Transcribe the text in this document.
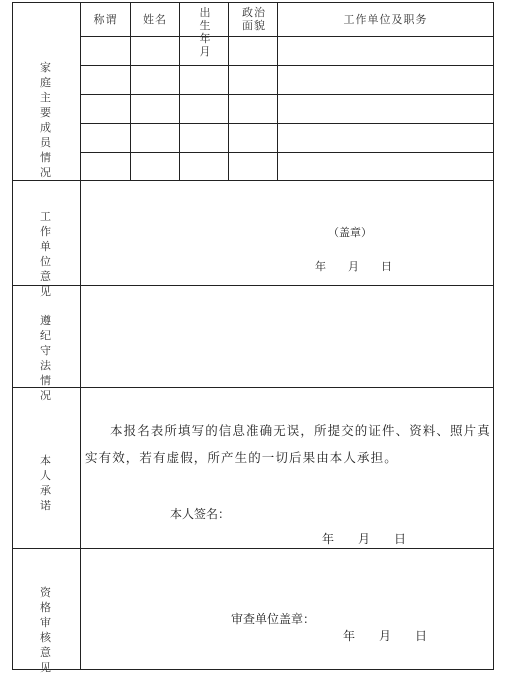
家庭主要成员情况
工作单位意见
遵纪守法情况
本人承诺
资格审核意见
称谓	姓名
出生年月
政治面貌	工作单位及职务
（盖章）
年　　月　　日
本报名表所填写的信息准确无误，所提交的证件、资料、照片真实有效，若有虚假，所产生的一切后果由本人承担。
本人签名：
年　　月　　日
审查单位盖章：
年　　月　　日
